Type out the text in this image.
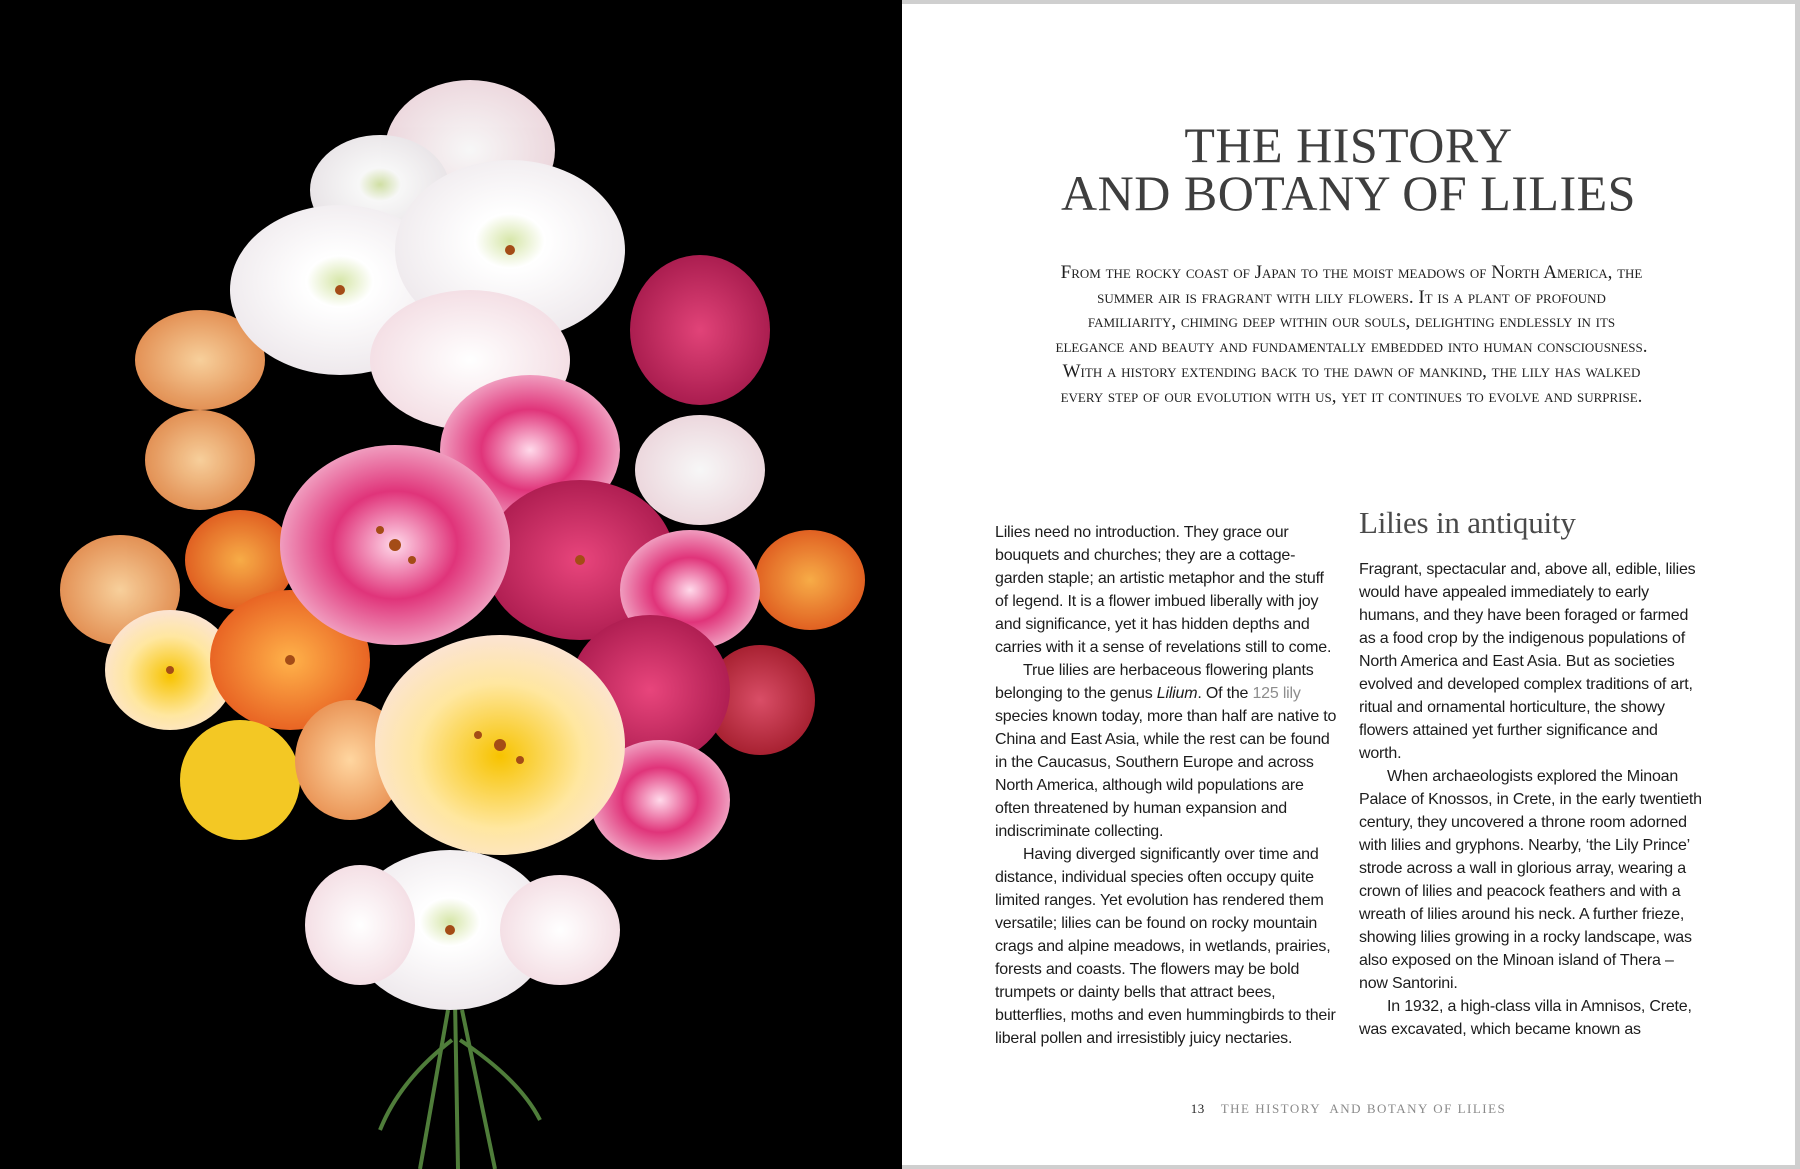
THE HISTORY
AND BOTANY OF LILIES

From the rocky coast of Japan to the moist meadows of North America, the summer air is fragrant with lily flowers. It is a plant of profound familiarity, chiming deep within our souls, delighting endlessly in its elegance and beauty and fundamentally embedded into human consciousness. With a history extending back to the dawn of mankind, the lily has walked every step of our evolution with us, yet it continues to evolve and surprise.

Lilies need no introduction. They grace our bouquets and churches; they are a cottage-garden staple; an artistic metaphor and the stuff of legend. It is a flower imbued liberally with joy and significance, yet it has hidden depths and carries with it a sense of revelations still to come.

True lilies are herbaceous flowering plants belonging to the genus Lilium. Of the 125 lily species known today, more than half are native to China and East Asia, while the rest can be found in the Caucasus, Southern Europe and across North America, although wild populations are often threatened by human expansion and indiscriminate collecting.

Having diverged significantly over time and distance, individual species often occupy quite limited ranges. Yet evolution has rendered them versatile; lilies can be found on rocky mountain crags and alpine meadows, in wetlands, prairies, forests and coasts. The flowers may be bold trumpets or dainty bells that attract bees, butterflies, moths and even hummingbirds to their liberal pollen and irresistibly juicy nectaries.

Lilies in antiquity

Fragrant, spectacular and, above all, edible, lilies would have appealed immediately to early humans, and they have been foraged or farmed as a food crop by the indigenous populations of North America and East Asia. But as societies evolved and developed complex traditions of art, ritual and ornamental horticulture, the showy flowers attained yet further significance and worth.

When archaeologists explored the Minoan Palace of Knossos, in Crete, in the early twentieth century, they uncovered a throne room adorned with lilies and gryphons. Nearby, ‘the Lily Prince’ strode across a wall in glorious array, wearing a crown of lilies and peacock feathers and with a wreath of lilies around his neck. A further frieze, showing lilies growing in a rocky landscape, was also exposed on the Minoan island of Thera – now Santorini.

In 1932, a high-class villa in Amnisos, Crete, was excavated, which became known as

13 THE HISTORY  AND BOTANY OF LILIES
